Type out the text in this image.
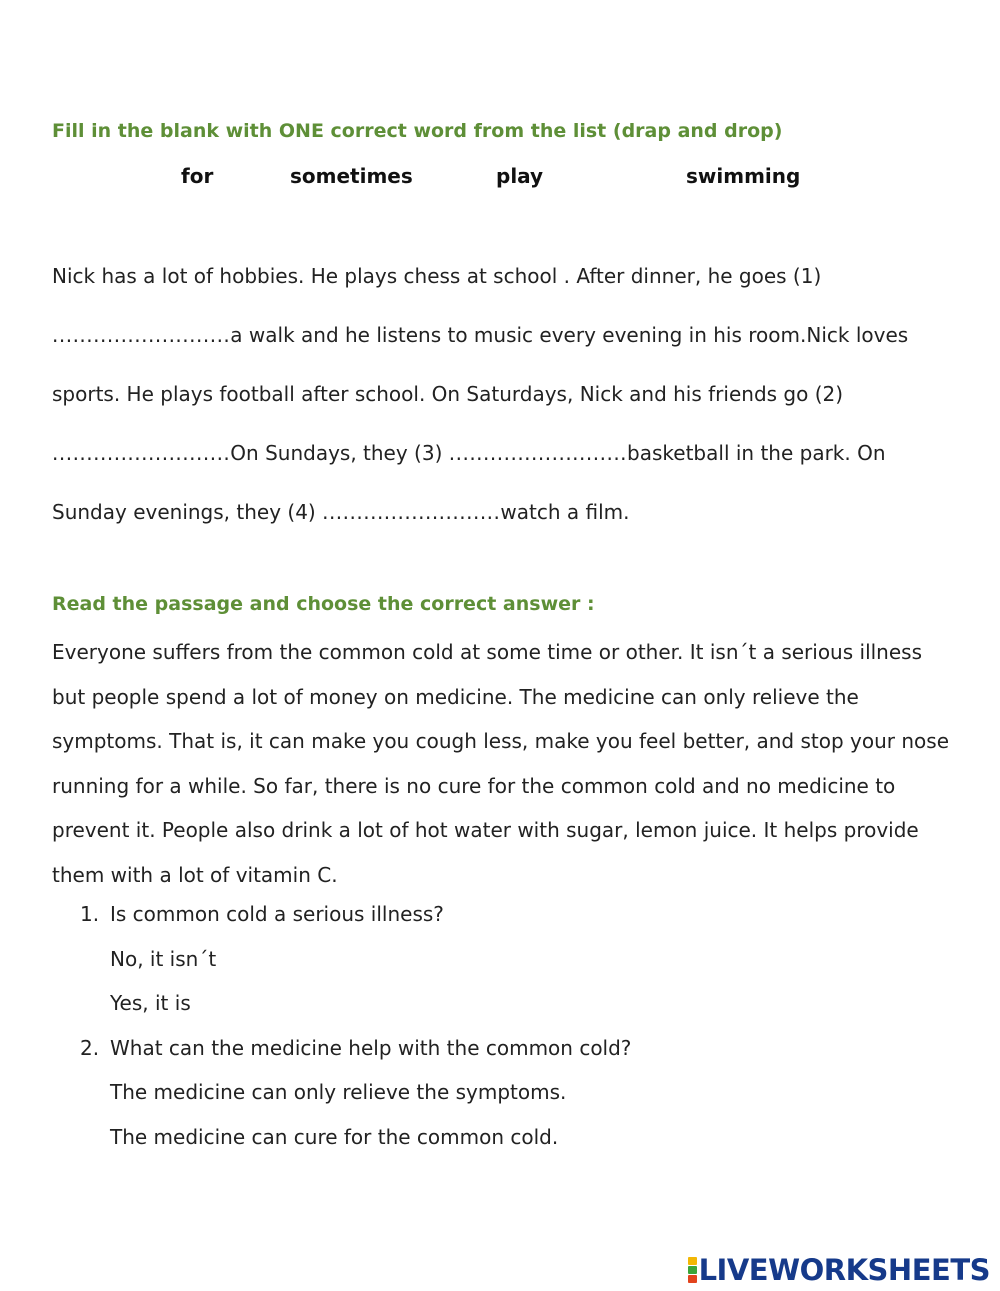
Fill in the blank with ONE correct word from the list (drap and drop)
for	sometimes	play	swimming

Nick has a lot of hobbies. He plays chess at school . After dinner, he goes (1) ..........................a walk and he listens to music every evening in his room.Nick loves sports. He plays football after school. On Saturdays, Nick and his friends go (2) ..........................On Sundays, they (3) ..........................basketball in the park. On Sunday evenings, they (4) ..........................watch a film.

Read the passage and choose the correct answer :

Everyone suffers from the common cold at some time or other. It isn´t a serious illness but people spend a lot of money on medicine. The medicine can only relieve the symptoms. That is, it can make you cough less, make you feel better, and stop your nose running for a while. So far, there is no cure for the common cold and no medicine to prevent it. People also drink a lot of hot water with sugar, lemon juice. It helps provide them with a lot of vitamin C.

1. Is common cold a serious illness?
No, it isn´t
Yes, it is
2. What can the medicine help with the common cold?
The medicine can only relieve the symptoms.
The medicine can cure for the common cold.
LIVEWORKSHEETS
